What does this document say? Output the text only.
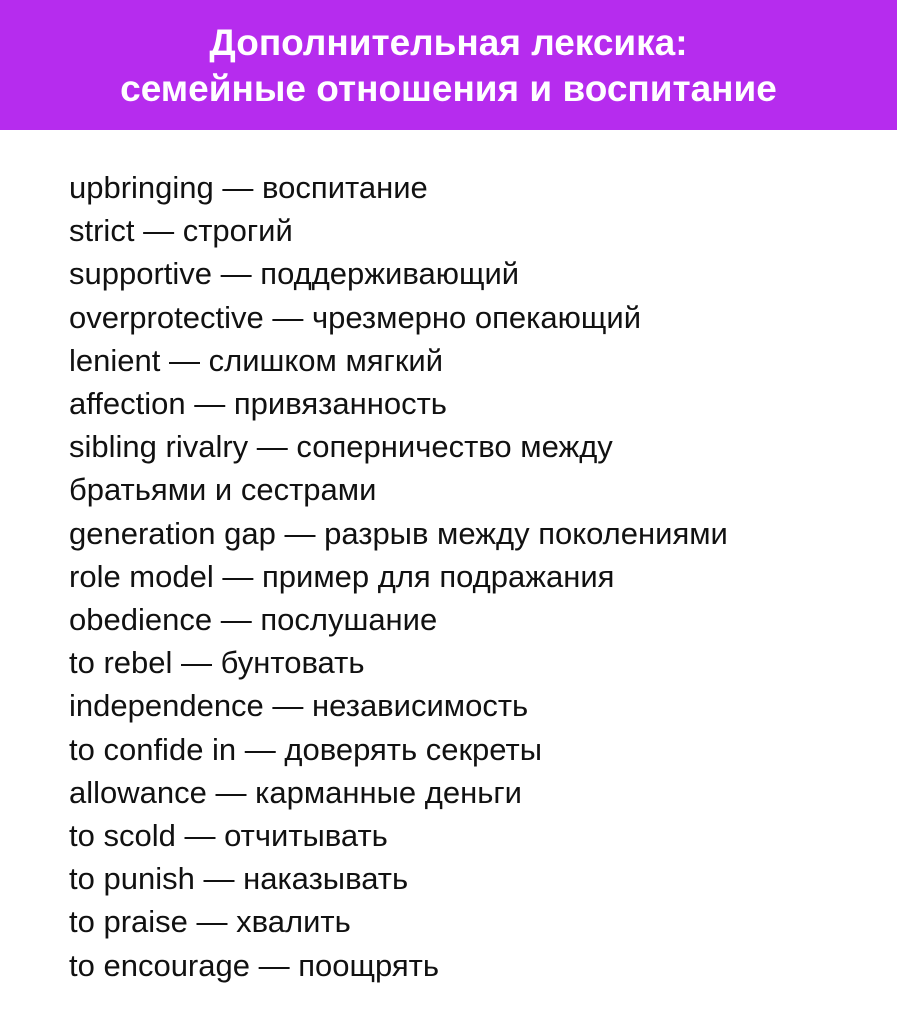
Дополнительная лексика:
семейные отношения и воспитание
upbringing — воспитание
strict — строгий
supportive — поддерживающий
overprotective — чрезмерно опекающий
lenient — слишком мягкий
affection — привязанность
sibling rivalry — соперничество между
братьями и сестрами
generation gap — разрыв между поколениями
role model — пример для подражания
obedience — послушание
to rebel — бунтовать
independence — независимость
to confide in — доверять секреты
allowance — карманные деньги
to scold — отчитывать
to punish — наказывать
to praise — хвалить
to encourage — поощрять
